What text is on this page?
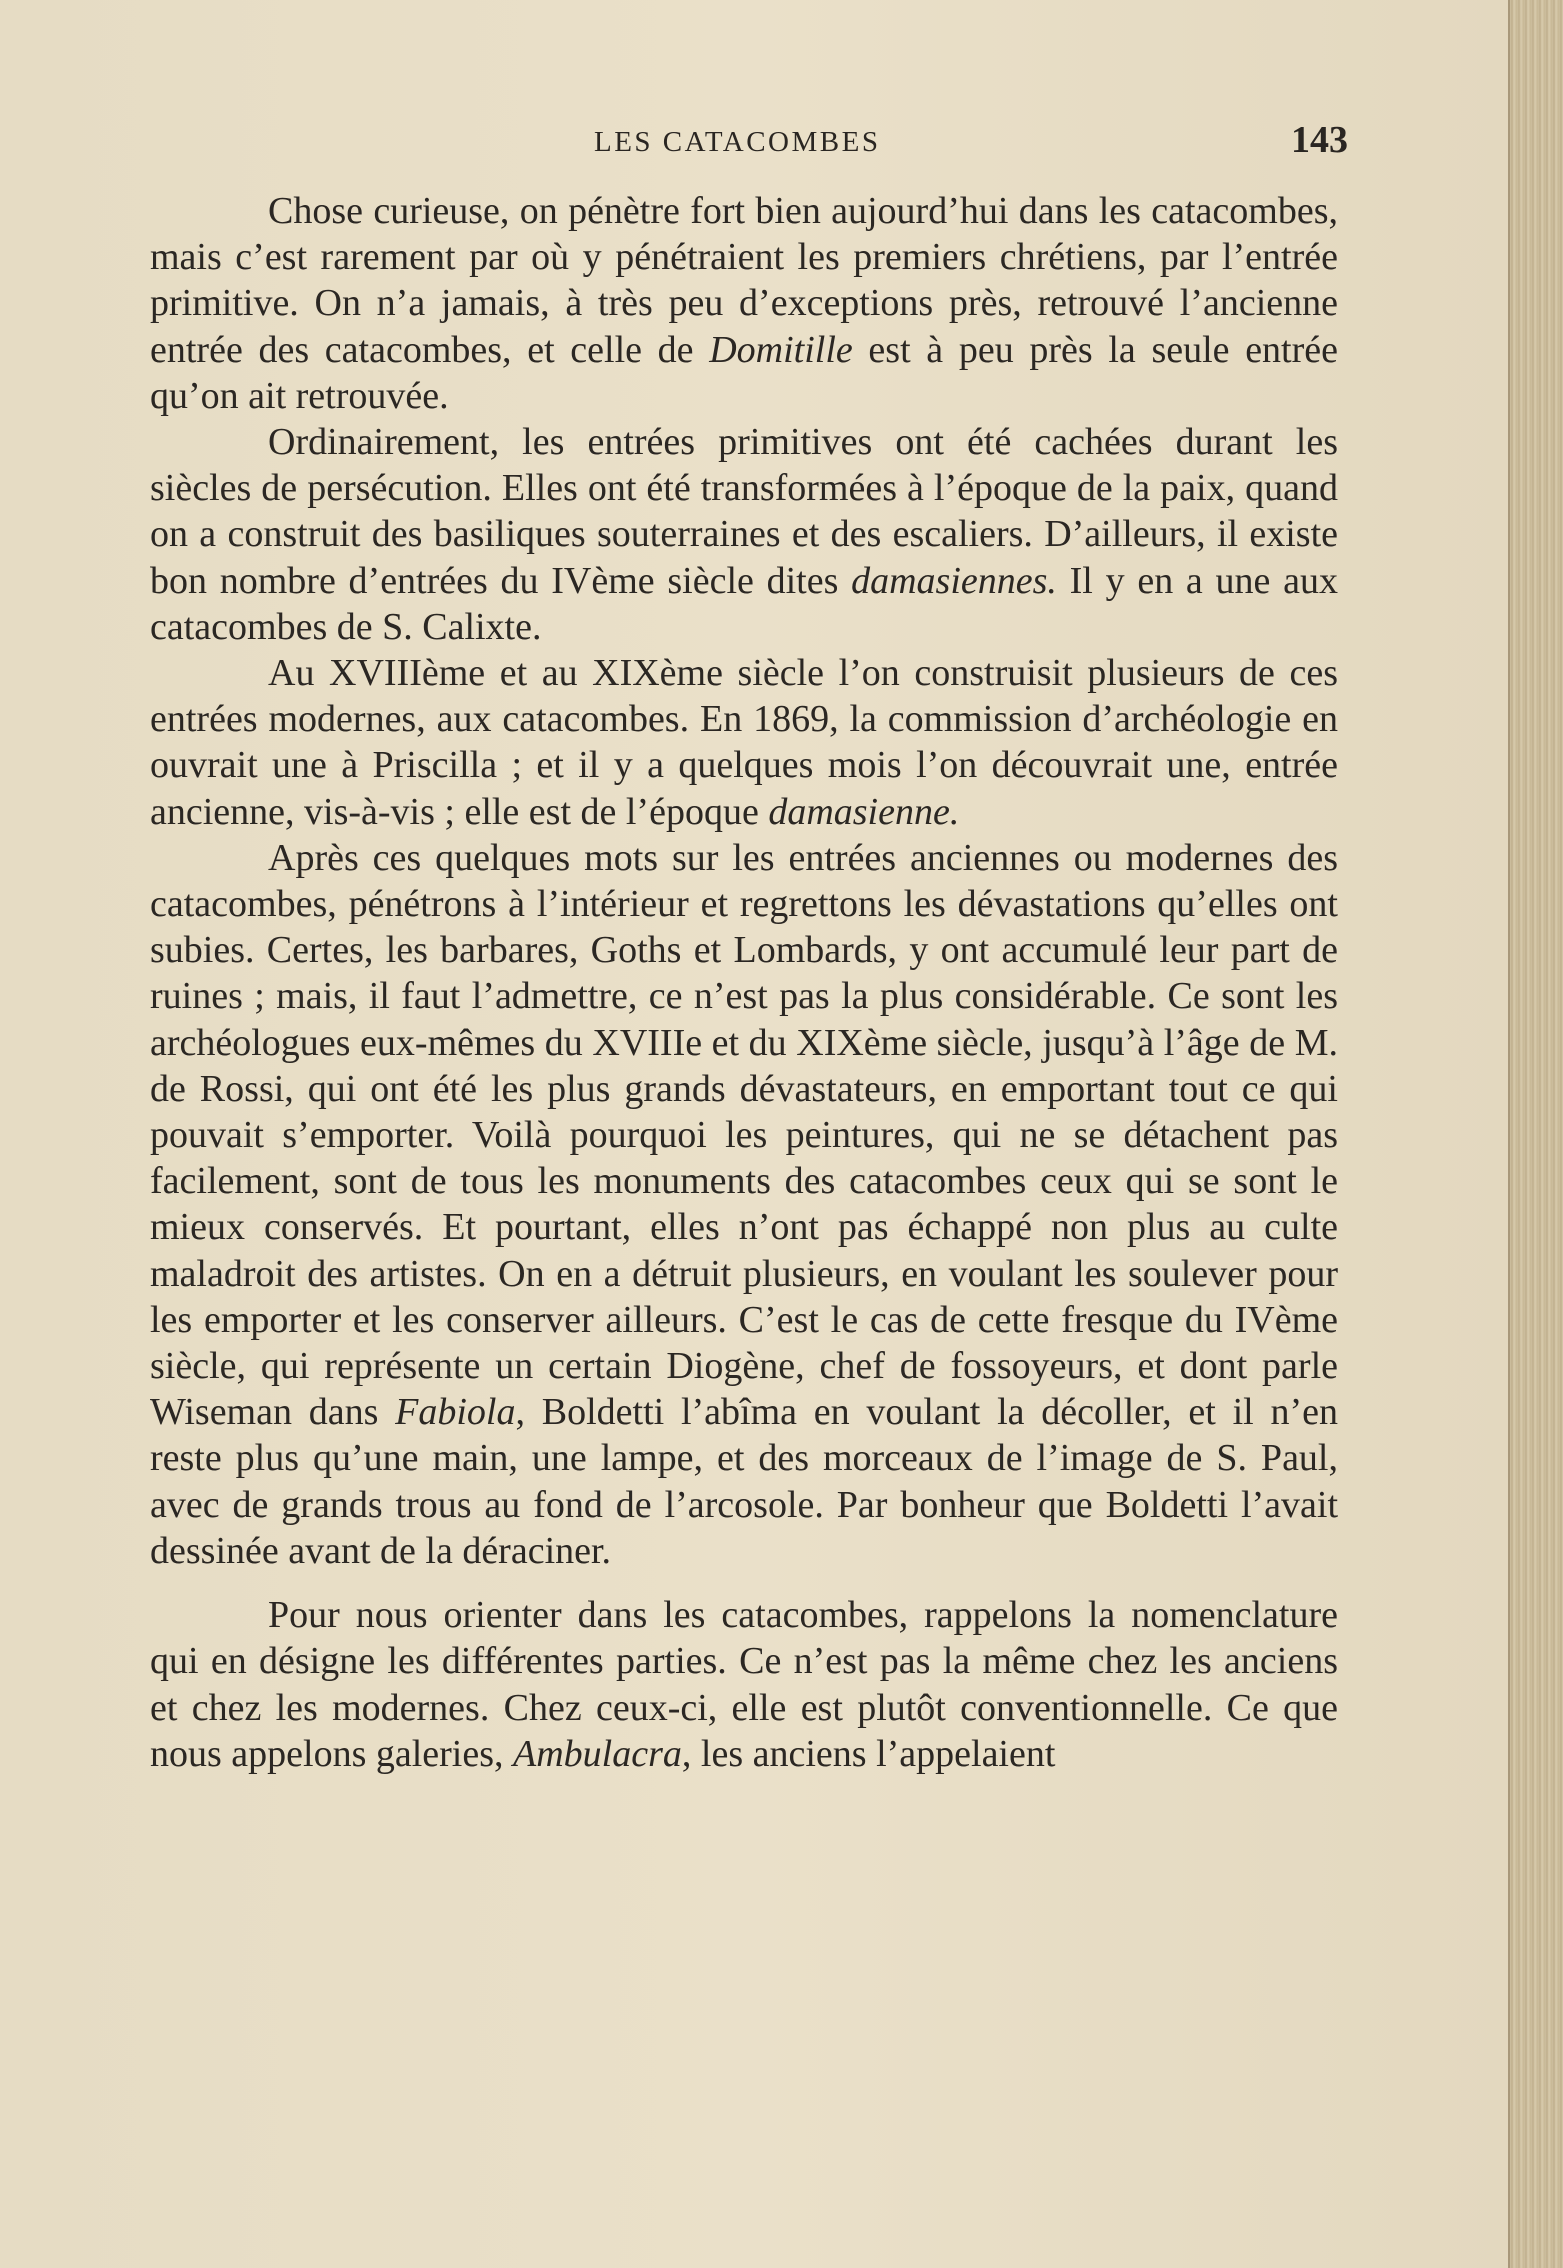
LES CATACOMBES	143

Chose curieuse, on pénètre fort bien aujourd’hui dans les catacombes, mais c’est rarement par où y pénétraient les premiers chrétiens, par l’entrée primitive. On n’a jamais, à très peu d’exceptions près, retrouvé l’ancienne entrée des catacombes, et celle de Domitille est à peu près la seule entrée qu’on ait retrouvée.

Ordinairement, les entrées primitives ont été cachées durant les siècles de persécution. Elles ont été transformées à l’époque de la paix, quand on a construit des basiliques souterraines et des escaliers. D’ailleurs, il existe bon nombre d’entrées du IVème siècle dites damasiennes. Il y en a une aux catacombes de S. Calixte.

Au XVIIIème et au XIXème siècle l’on construisit plusieurs de ces entrées modernes, aux catacombes. En 1869, la commission d’archéologie en ouvrait une à Priscilla ; et il y a quelques mois l’on découvrait une, entrée ancienne, vis-à-vis ; elle est de l’époque damasienne.

Après ces quelques mots sur les entrées anciennes ou modernes des catacombes, pénétrons à l’intérieur et regrettons les dévastations qu’elles ont subies. Certes, les barbares, Goths et Lombards, y ont accumulé leur part de ruines ; mais, il faut l’admettre, ce n’est pas la plus considérable. Ce sont les archéologues eux-mêmes du XVIIIe et du XIXème siècle, jusqu’à l’âge de M. de Rossi, qui ont été les plus grands dévastateurs, en emportant tout ce qui pouvait s’emporter. Voilà pourquoi les peintures, qui ne se détachent pas facilement, sont de tous les monuments des catacombes ceux qui se sont le mieux conservés. Et pourtant, elles n’ont pas échappé non plus au culte maladroit des artistes. On en a détruit plusieurs, en voulant les soulever pour les emporter et les conserver ailleurs. C’est le cas de cette fresque du IVème siècle, qui représente un certain Diogène, chef de fossoyeurs, et dont parle Wiseman dans Fabiola, Boldetti l’abîma en voulant la décoller, et il n’en reste plus qu’une main, une lampe, et des morceaux de l’image de S. Paul, avec de grands trous au fond de l’arcosole. Par bonheur que Boldetti l’avait dessinée avant de la déraciner.

Pour nous orienter dans les catacombes, rappelons la nomenclature qui en désigne les différentes parties. Ce n’est pas la même chez les anciens et chez les modernes. Chez ceux-ci, elle est plutôt conventionnelle. Ce que nous appelons galeries, Ambulacra, les anciens l’appelaient
